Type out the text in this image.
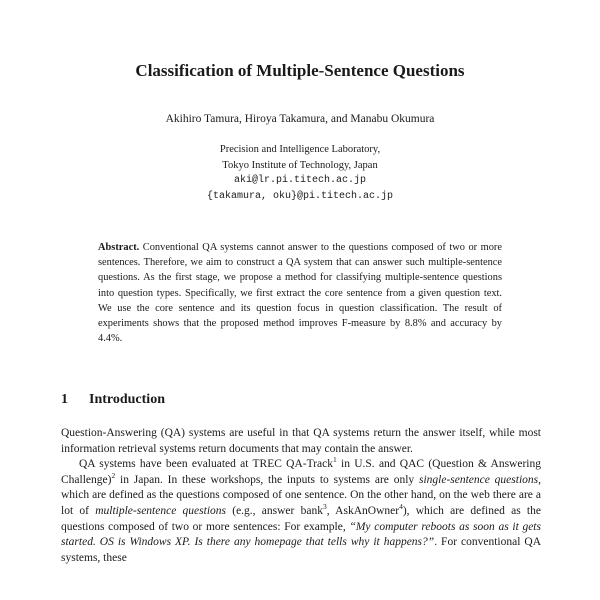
Classification of Multiple-Sentence Questions
Akihiro Tamura, Hiroya Takamura, and Manabu Okumura
Precision and Intelligence Laboratory,
Tokyo Institute of Technology, Japan
aki@lr.pi.titech.ac.jp
{takamura, oku}@pi.titech.ac.jp
Abstract. Conventional QA systems cannot answer to the questions composed of two or more sentences. Therefore, we aim to construct a QA system that can answer such multiple-sentence questions. As the first stage, we propose a method for classifying multiple-sentence questions into question types. Specifically, we first extract the core sentence from a given question text. We use the core sentence and its question focus in question classification. The result of experiments shows that the proposed method improves F-measure by 8.8% and accuracy by 4.4%.
1 Introduction

Question-Answering (QA) systems are useful in that QA systems return the answer itself, while most information retrieval systems return documents that may contain the answer.

QA systems have been evaluated at TREC QA-Track$^1$ in U.S. and QAC (Question & Answering Challenge)$^2$ in Japan. In these workshops, the inputs to systems are only single-sentence questions, which are defined as the questions composed of one sentence. On the other hand, on the web there are a lot of multiple-sentence questions (e.g., answer bank$^3$, AskAnOwner$^4$), which are defined as the questions composed of two or more sentences: For example, “My computer reboots as soon as it gets started. OS is Windows XP. Is there any homepage that tells why it happens?”. For conventional QA systems, these
